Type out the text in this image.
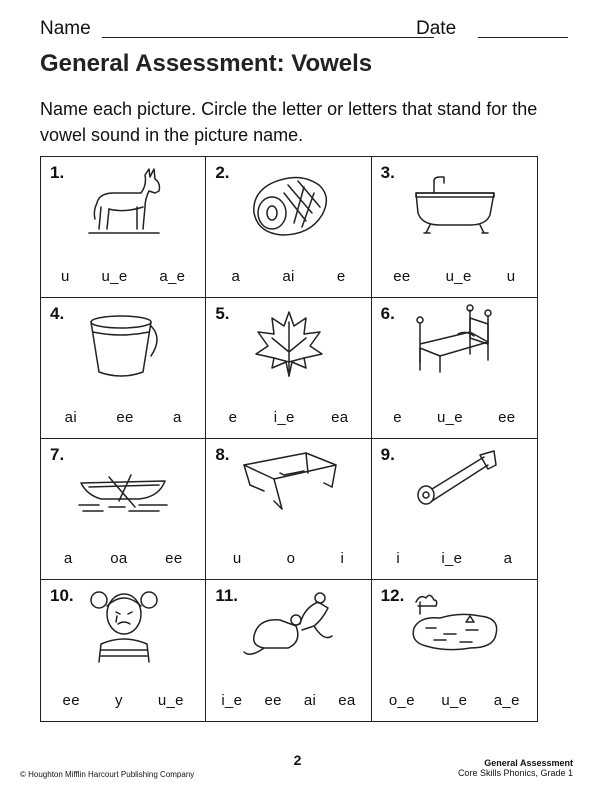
Name	Date
General Assessment: Vowels
Name each picture. Circle the letter or letters that stand for the vowel sound in the picture name.
1.
u u_e a_e
2.
a	ai	e
3.
ee u_e u
4.
ai	ee	a
5.
e i_e ea
6.
e u_e ee
7.
a	oa	ee
8.
u	o	i
9.
i	i_e	a
10.
ee y u_e
11.
i_e ee ai ea
12.
o_e u_e a_e
2
© Houghton Mifflin Harcourt Publishing Company
General Assessment
Core Skills Phonics, Grade 1
